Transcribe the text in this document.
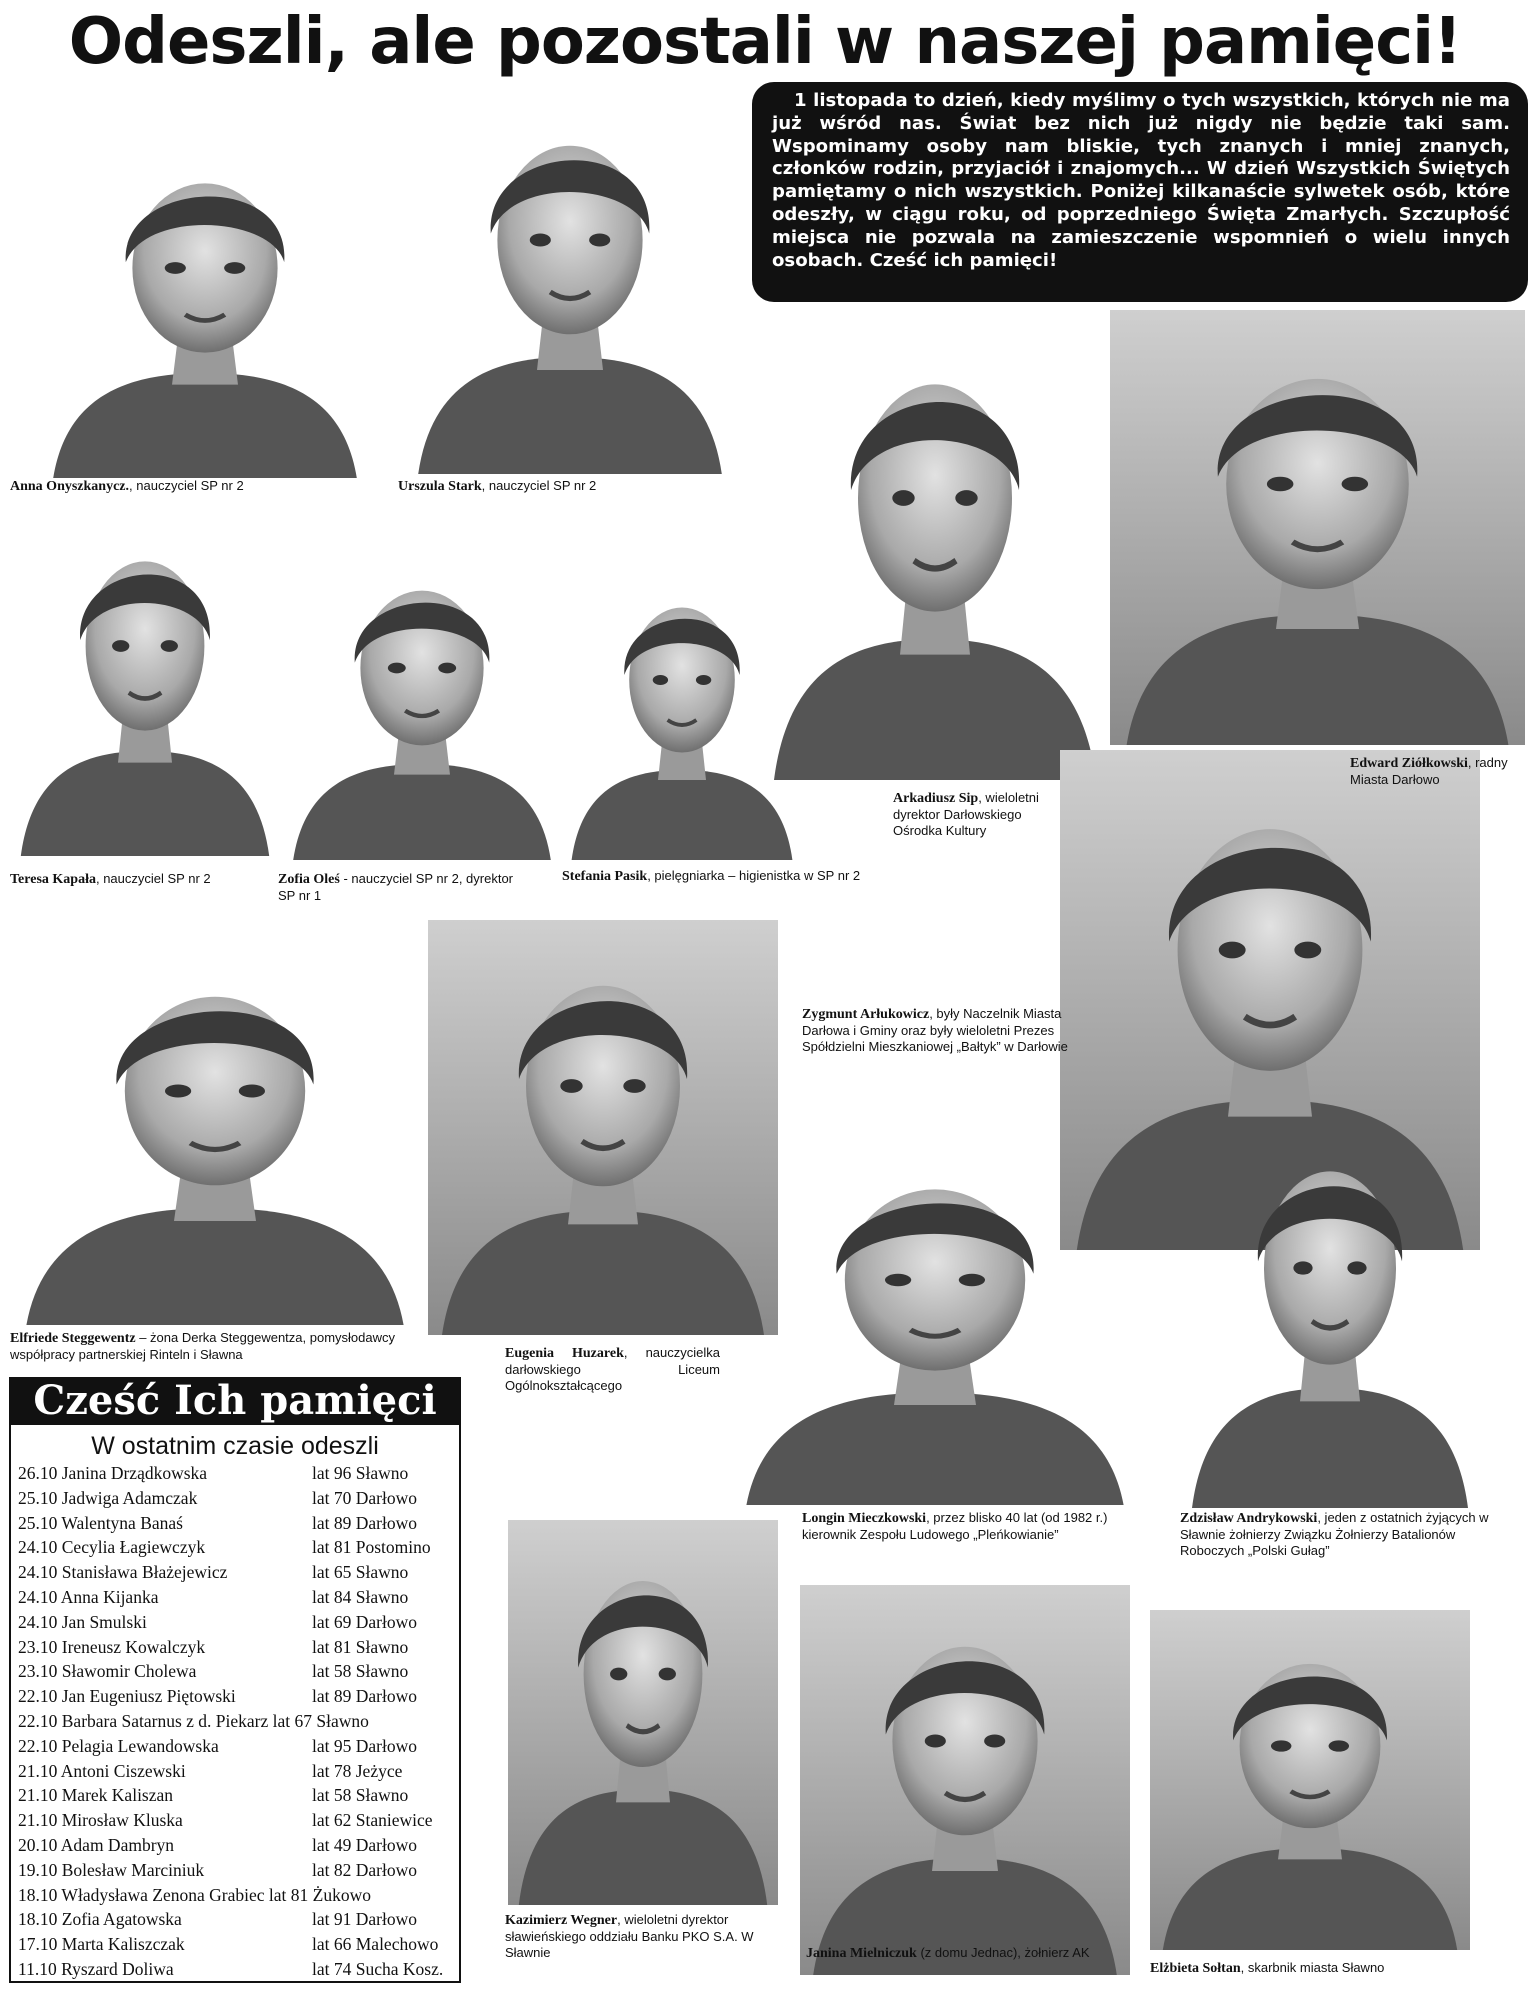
Odeszli, ale pozostali w naszej pamięci!
1 listopada to dzień, kiedy myślimy o tych wszystkich, których nie ma już wśród nas. Świat bez nich już nigdy nie będzie taki sam. Wspominamy osoby nam bliskie, tych znanych i mniej znanych, członków rodzin, przyjaciół i znajomych... W dzień Wszystkich Świętych pamiętamy o nich wszystkich. Poniżej kilkanaście sylwetek osób, które odeszły, w ciągu roku, od poprzedniego Święta Zmarłych. Szczupłość miejsca nie pozwala na zamieszczenie wspomnień o wielu innych osobach. Cześć ich pamięci!
Anna Onyszkanycz., nauczyciel SP nr 2	Urszula Stark, nauczyciel SP nr 2
Teresa Kapała, nauczyciel SP nr 2	Zofia Oleś - nauczyciel SP nr 2, dyrektor SP nr 1
Stefania Pasik, pielęgniarka – higienistka w SP nr 2
Arkadiusz Sip, wieloletni dyrektor Darłowskiego Ośrodka Kultury
Edward Ziółkowski, radny Miasta Darłowo
Zygmunt Arłukowicz, były Naczelnik Miasta Darłowa i Gminy oraz były wieloletni Prezes Spółdzielni Mieszkaniowej „Bałtyk” w Darłowie
Elfriede Steggewentz – żona Derka Steggewentza, pomysłodawcy współpracy partnerskiej Rinteln i Sławna	Eugenia Huzarek, nauczycielka darłowskiego Liceum Ogólnokształcącego
Longin Mieczkowski, przez blisko 40 lat (od 1982 r.) kierownik Zespołu Ludowego „Pleńkowianie”
Zdzisław Andrykowski, jeden z ostatnich żyjących w Sławnie żołnierzy Związku Żołnierzy Batalionów Roboczych „Polski Gułag”
Kazimierz Wegner, wieloletni dyrektor sławieńskiego oddziału Banku PKO S.A. W Sławnie	Janina Mielniczuk (z domu Jednac), żołnierz AK
Elżbieta Sołtan, skarbnik miasta Sławno
Cześć Ich pamięci
W ostatnim czasie odeszli
26.10 Janina Drządkowska	lat 96 Sławno
25.10 Jadwiga Adamczak	lat 70 Darłowo
25.10 Walentyna Banaś	lat 89 Darłowo
24.10 Cecylia Łagiewczyk	lat 81 Postomino
24.10 Stanisława Błażejewicz	lat 65 Sławno
24.10 Anna Kijanka	lat 84 Sławno
24.10 Jan Smulski	lat 69 Darłowo
23.10 Ireneusz Kowalczyk	lat 81 Sławno
23.10 Sławomir Cholewa	lat 58 Sławno
22.10 Jan Eugeniusz Piętowski	lat 89 Darłowo
22.10 Barbara Satarnus z d. Piekarz lat 67 Sławno
22.10 Pelagia Lewandowska	lat 95 Darłowo
21.10 Antoni Ciszewski	lat 78 Jeżyce
21.10 Marek Kaliszan	lat 58 Sławno
21.10 Mirosław Kluska	lat 62 Staniewice
20.10 Adam Dambryn	lat 49 Darłowo
19.10 Bolesław Marciniuk	lat 82 Darłowo
18.10 Władysława Zenona Grabiec lat 81 Żukowo
18.10 Zofia Agatowska	lat 91 Darłowo
17.10 Marta Kaliszczak	lat 66 Malechowo
11.10 Ryszard Doliwa	lat 74 Sucha Kosz.
